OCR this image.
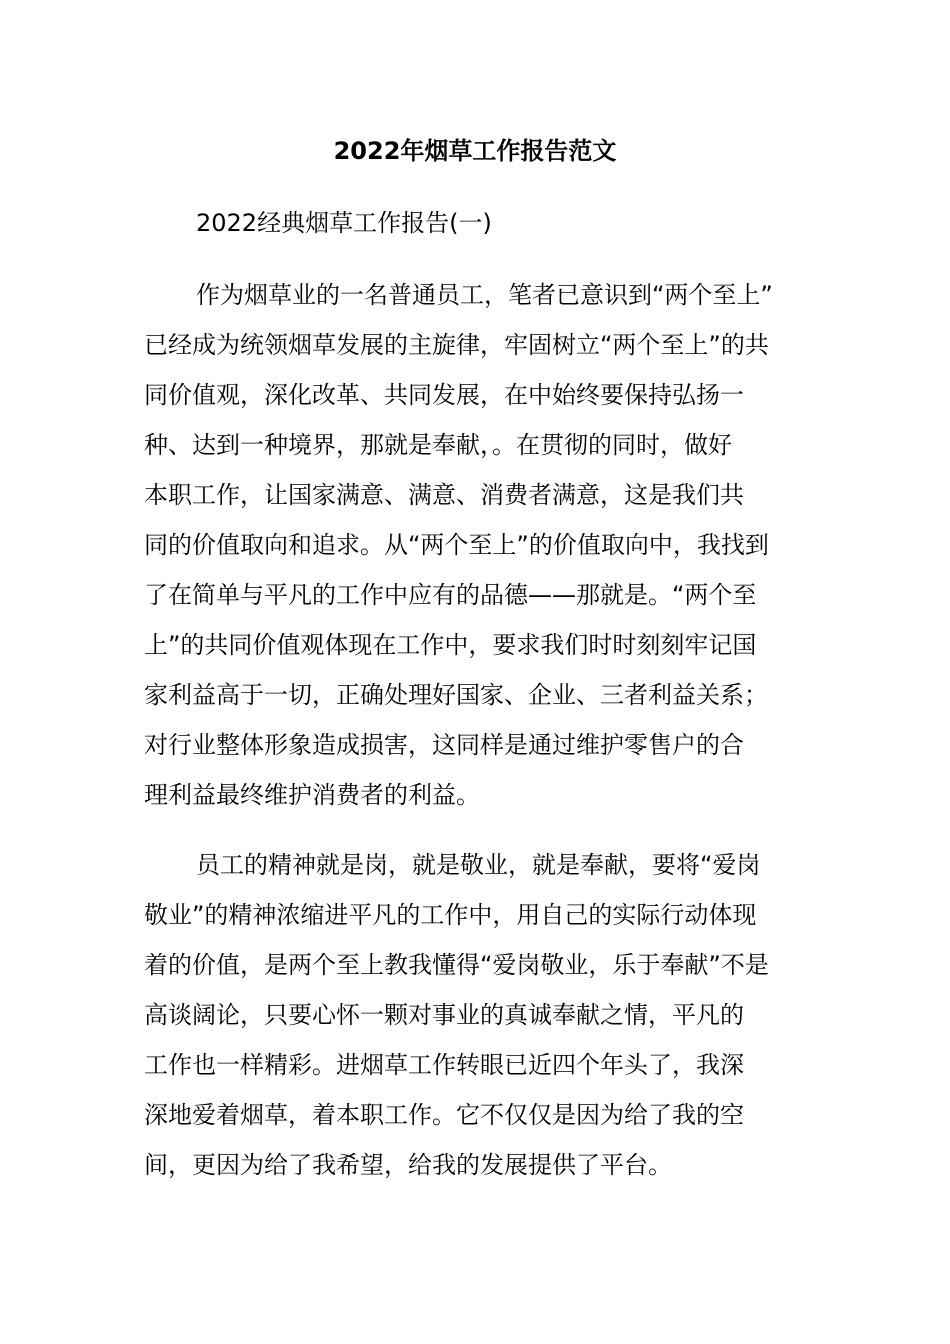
2022年烟草工作报告范文

2022经典烟草工作报告(一)

作为烟草业的一名普通员工，笔者已意识到“两个至上”
已经成为统领烟草发展的主旋律，牢固树立“两个至上”的共
同价值观，深化改革、共同发展，在中始终要保持弘扬一
种、达到一种境界，那就是奉献，。在贯彻的同时，做好
本职工作，让国家满意、满意、消费者满意，这是我们共
同的价值取向和追求。从“两个至上”的价值取向中，我找到
了在简单与平凡的工作中应有的品德——那就是。“两个至
上”的共同价值观体现在工作中，要求我们时时刻刻牢记国
家利益高于一切，正确处理好国家、企业、三者利益关系；
对行业整体形象造成损害，这同样是通过维护零售户的合
理利益最终维护消费者的利益。
员工的精神就是岗，就是敬业，就是奉献，要将“爱岗
敬业”的精神浓缩进平凡的工作中，用自己的实际行动体现
着的价值，是两个至上教我懂得“爱岗敬业，乐于奉献”不是
高谈阔论，只要心怀一颗对事业的真诚奉献之情，平凡的
工作也一样精彩。进烟草工作转眼已近四个年头了，我深
深地爱着烟草，着本职工作。它不仅仅是因为给了我的空
间，更因为给了我希望，给我的发展提供了平台。
